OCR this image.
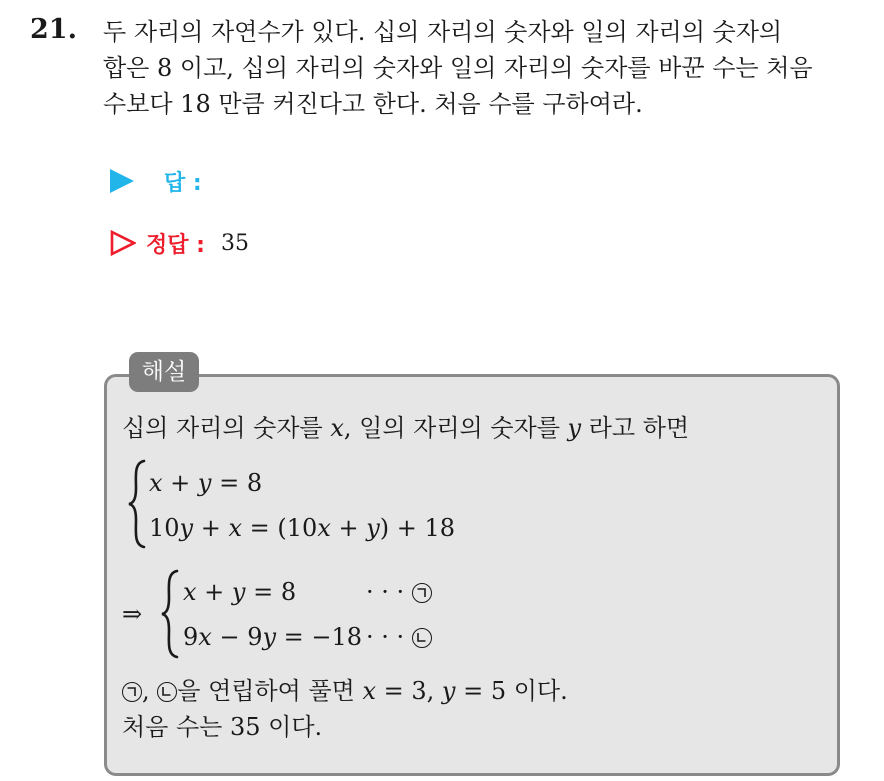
21. 두 자리의 자연수가 있다. 십의 자리의 숫자와 일의 자리의 숫자의
합은 8 이고, 십의 자리의 숫자와 일의 자리의 숫자를 바꾼 수는 처음
수보다 18 만큼 커진다고 한다. 처음 수를 구하여라.
답 :
정답 : 35
해설
십의 자리의 숫자를 x, 일의 자리의 숫자를 y 라고 하면
x + y = 8
10y + x = (10x + y) + 18
⇒
x + y = 8	· · ·
9x − 9y = −18 · · ·
,
을 연립하여 풀면 x = 3, y = 5 이다.
처음 수는 35 이다.
